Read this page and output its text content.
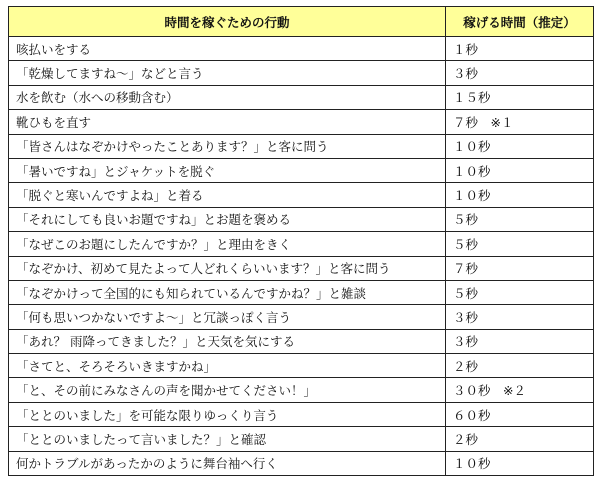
時間を稼ぐための行動	稼げる時間（推定）
咳払いをする	１秒
「乾燥してますね～」などと言う	３秒
水を飲む（水への移動含む）	１５秒
靴ひもを直す	７秒　※１
「皆さんはなぞかけやったことあります？」と客に問う	１０秒
「暑いですね」とジャケットを脱ぐ	１０秒
「脱ぐと寒いんですよね」と着る	１０秒
「それにしても良いお題ですね」とお題を褒める	５秒
「なぜこのお題にしたんですか？」と理由をきく	５秒
「なぞかけ、初めて見たよって人どれくらいいます？」と客に問う	７秒
「なぞかけって全国的にも知られているんですかね？」と雑談	５秒
「何も思いつかないですよ～」と冗談っぽく言う	３秒
「あれ？ 雨降ってきました？」と天気を気にする	３秒
「さてと、そろそろいきますかね」	２秒
「と、その前にみなさんの声を聞かせてください！」	３０秒　※２
「ととのいました」を可能な限りゆっくり言う	６０秒
「ととのいましたって言いました？」と確認	２秒
何かトラブルがあったかのように舞台袖へ行く	１０秒
